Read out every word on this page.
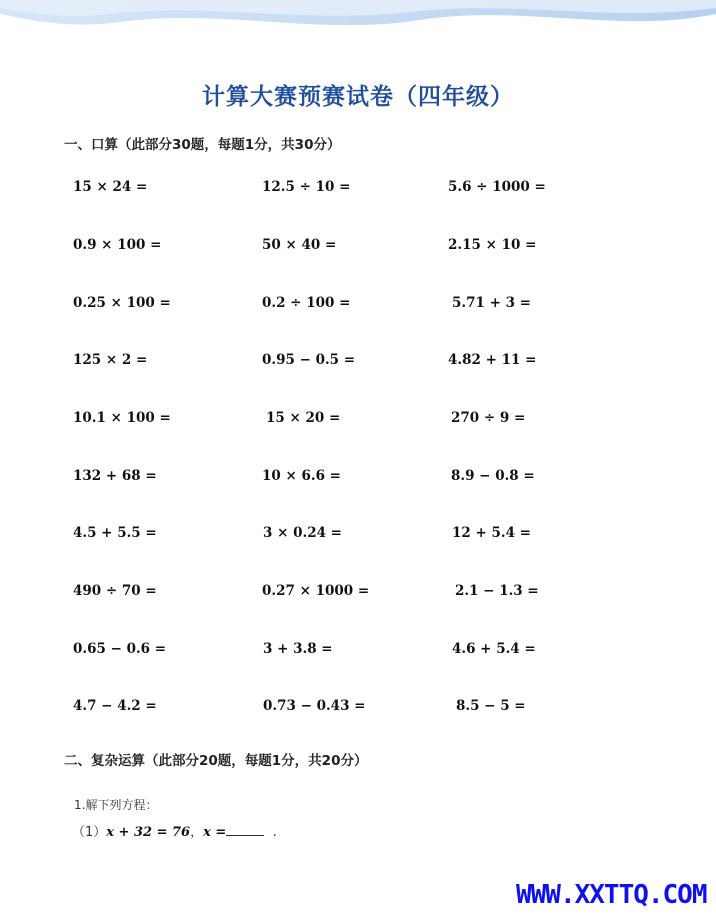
计算大赛预赛试卷（四年级）
一、口算（此部分30题，每题1分，共30分）
15 × 24 =	12.5 ÷ 10 =	5.6 ÷ 1000 =
0.9 × 100 =	50 × 40 =	2.15 × 10 =
0.25 × 100 =	0.2 ÷ 100 =	5.71 + 3 =
125 × 2 =	0.95 − 0.5 =	4.82 + 11 =
10.1 × 100 =	15 × 20 =	270 ÷ 9 =
132 + 68 =	10 × 6.6 =	8.9 − 0.8 =
4.5 + 5.5 =	3 × 0.24 =	12 + 5.4 =
490 ÷ 70 =	0.27 × 1000 =	2.1 − 1.3 =
0.65 − 0.6 =	3 + 3.8 =	4.6 + 5.4 =
4.7 − 4.2 =	0.73 − 0.43 =	8.5 − 5 =
二、复杂运算（此部分20题，每题1分，共20分）
1.解下列方程：
（1）x + 32 = 76，x =	.
WWW.XXTTQ.COM
